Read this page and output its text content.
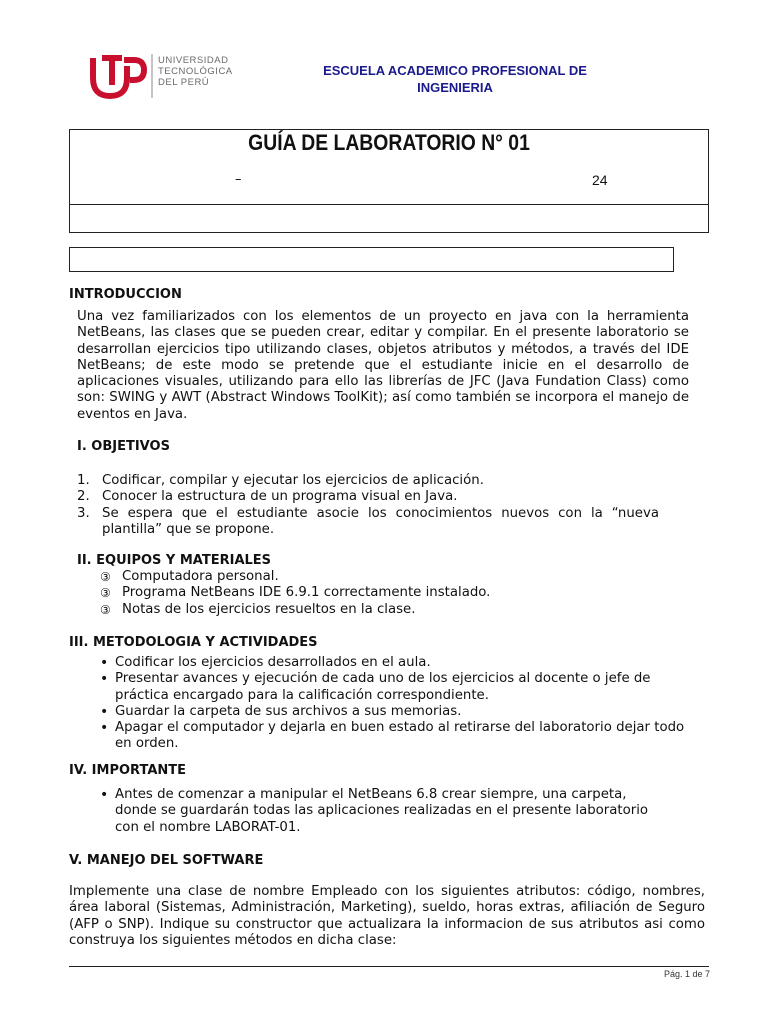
UNIVERSIDAD
TECNOLÓGICA
DEL PERÚ
ESCUELA ACADEMICO PROFESIONAL DE
INGENIERIA
GUÍA DE LABORATORIO N° 01
–	24
INTRODUCCION
Una vez familiarizados con los elementos de un proyecto en java con la herramienta NetBeans, las clases que se pueden crear, editar y compilar. En el presente laboratorio se desarrollan ejercicios tipo utilizando clases, objetos atributos y métodos, a través del IDE NetBeans; de este modo se pretende que el estudiante inicie en el desarrollo de aplicaciones visuales, utilizando para ello las librerías de JFC (Java Fundation Class) como son: SWING y AWT (Abstract Windows ToolKit); así como también se incorpora el manejo de eventos en Java.
I. OBJETIVOS
1. Codificar, compilar y ejecutar los ejercicios de aplicación.
2. Conocer la estructura de un programa visual en Java.
3. Se espera que el estudiante asocie los conocimientos nuevos con la “nueva plantilla” que se propone.
II. EQUIPOS Y MATERIALES
③ Computadora personal.
③ Programa NetBeans IDE 6.9.1 correctamente instalado.
③ Notas de los ejercicios resueltos en la clase.
III. METODOLOGIA Y ACTIVIDADES
• Codificar los ejercicios desarrollados en el aula.
• Presentar avances y ejecución de cada uno de los ejercicios al docente o jefe de práctica encargado para la calificación correspondiente.
• Guardar la carpeta de sus archivos a sus memorias.
• Apagar el computador y dejarla en buen estado al retirarse del laboratorio dejar todo en orden.
IV. IMPORTANTE
• Antes de comenzar a manipular el NetBeans 6.8 crear siempre, una carpeta, donde se guardarán todas las aplicaciones realizadas en el presente laboratorio con el nombre LABORAT-01.
V. MANEJO DEL SOFTWARE
Implemente una clase de nombre Empleado con los siguientes atributos: código, nombres, área laboral (Sistemas, Administración, Marketing), sueldo, horas extras, afiliación de Seguro (AFP o SNP). Indique su constructor que actualizara la informacion de sus atributos asi como construya los siguientes métodos en dicha clase:
Pág. 1 de 7
